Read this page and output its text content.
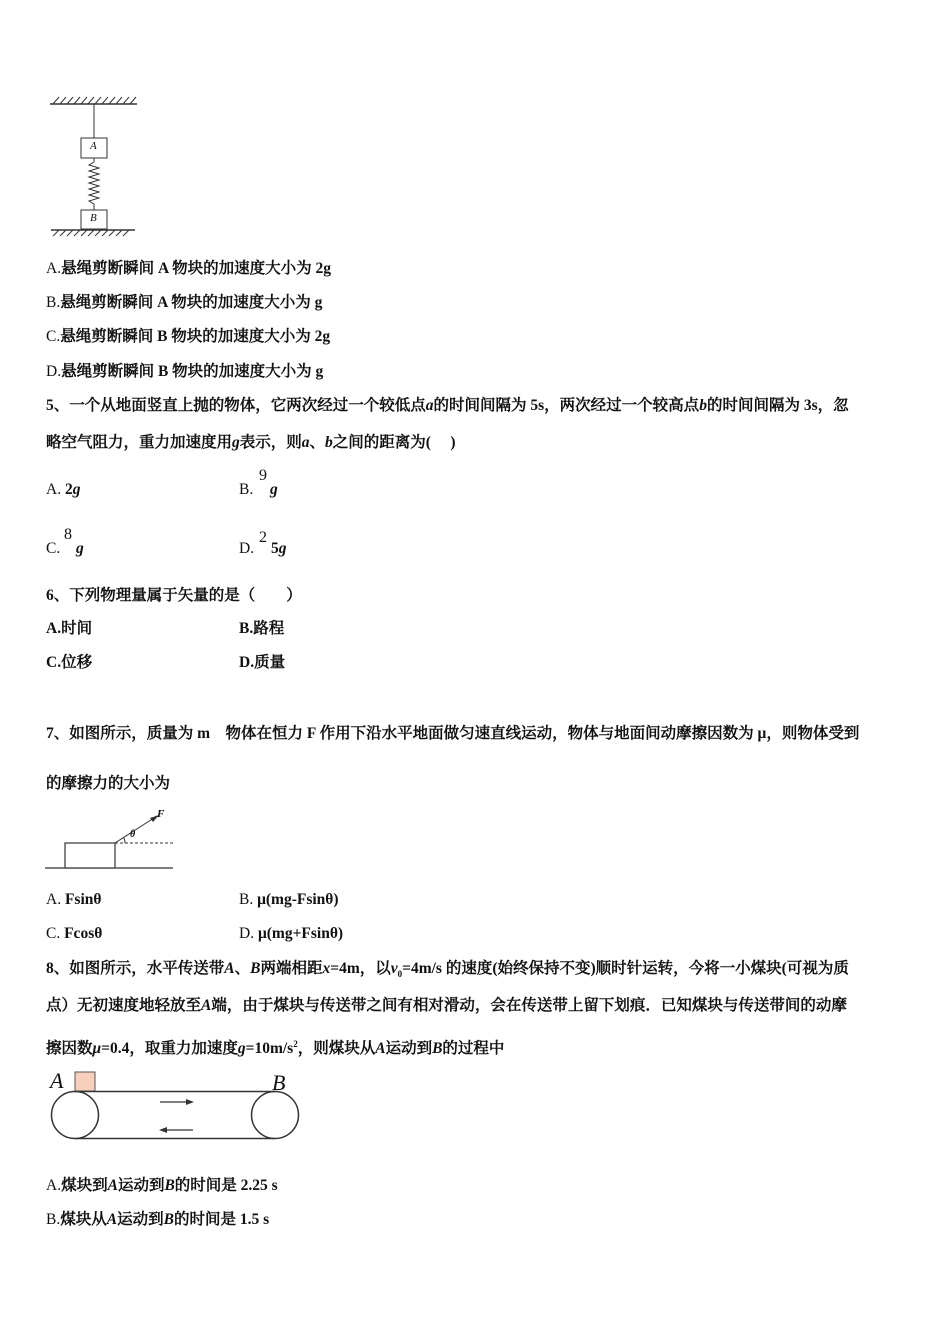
A
B
A.悬绳剪断瞬间 A 物块的加速度大小为 2g
B.悬绳剪断瞬间 A 物块的加速度大小为 g
C.悬绳剪断瞬间 B 物块的加速度大小为 2g
D.悬绳剪断瞬间 B 物块的加速度大小为 g
5、一个从地面竖直上抛的物体，它两次经过一个较低点a的时间间隔为 5s，两次经过一个较高点b的时间间隔为 3s，忽
略空气阻力，重力加速度用g表示，则a、b之间的距离为(　 )
A. 2g	B.
9
g
C.
8
g	D.
2
5g
6、下列物理量属于矢量的是（　　）
A.时间	B.路程
C.位移	D.质量
7、如图所示，质量为 m　物体在恒力 F 作用下沿水平地面做匀速直线运动，物体与地面间动摩擦因数为 μ，则物体受到
的摩擦力的大小为
F
θ
A. Fsinθ	B. μ(mg-Fsinθ)
C. Fcosθ	D. μ(mg+Fsinθ)
8、如图所示，水平传送带A、B两端相距x=4m，以$v_0=4m/s$ 的速度(始终保持不变)顺时针运转，今将一小煤块(可视为质
点）无初速度地轻放至A端，由于煤块与传送带之间有相对滑动，会在传送带上留下划痕．已知煤块与传送带间的动摩
擦因数μ=0.4，取重力加速度$g=10m/s^2$，则煤块从A运动到B的过程中
A	B
A.煤块到A运动到B的时间是 2.25 s
B.煤块从A运动到B的时间是 1.5 s
